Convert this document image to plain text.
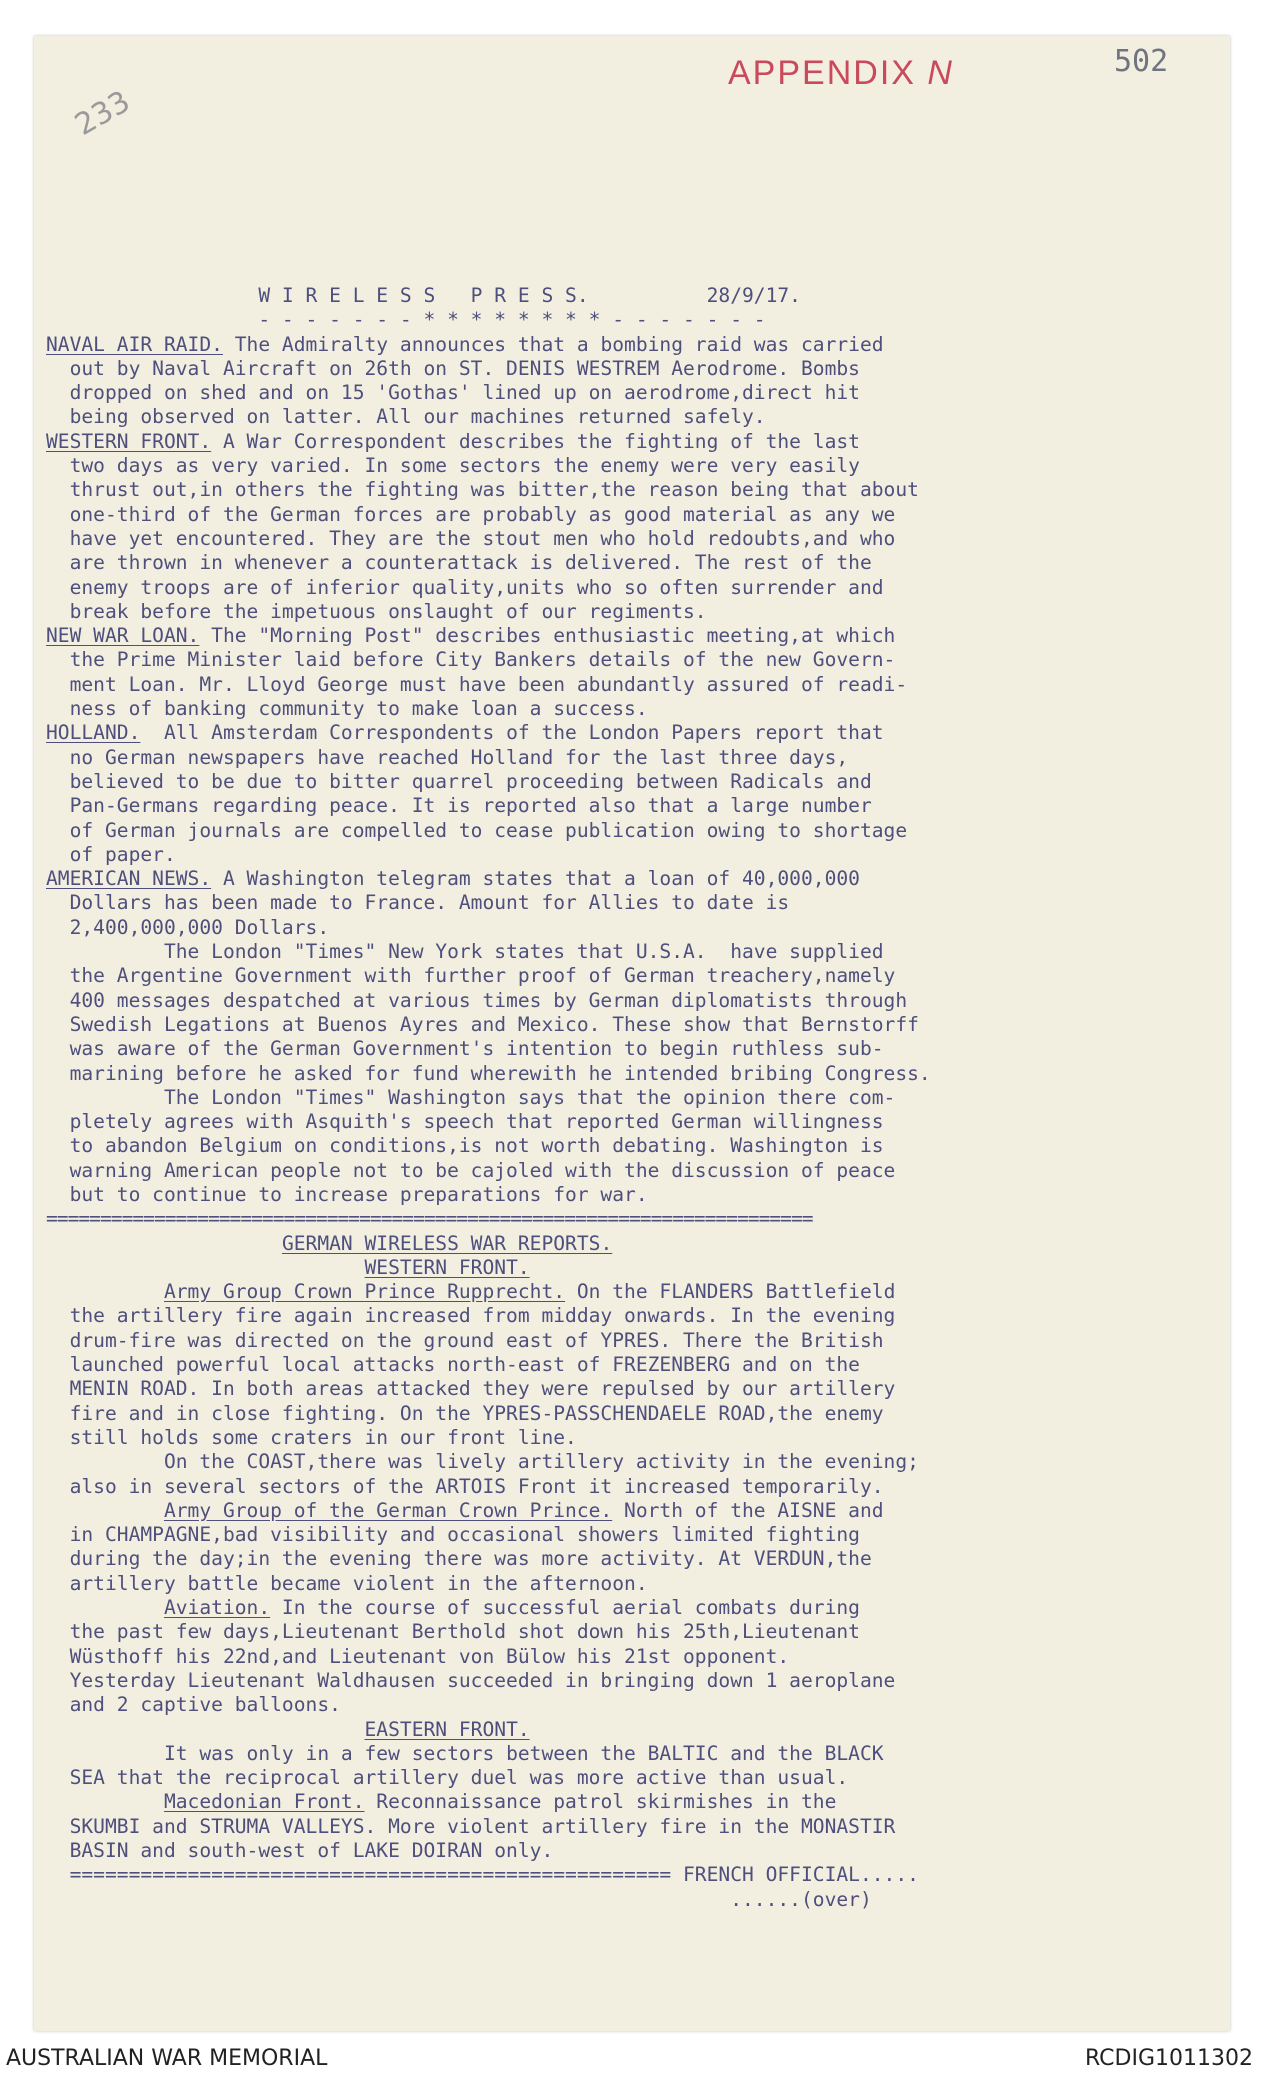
233
APPENDIX N	502
W I R E L E S S   P R E S S.          28/9/17.
- - - - - - - * * * * * * * * - - - - - - -
NAVAL AIR RAID. The Admiralty announces that a bombing raid was carried
out by Naval Aircraft on 26th on ST. DENIS WESTREM Aerodrome. Bombs
dropped on shed and on 15 'Gothas' lined up on aerodrome,direct hit
being observed on latter. All our machines returned safely.
WESTERN FRONT. A War Correspondent describes the fighting of the last
two days as very varied. In some sectors the enemy were very easily
thrust out,in others the fighting was bitter,the reason being that about
one-third of the German forces are probably as good material as any we
have yet encountered. They are the stout men who hold redoubts,and who
are thrown in whenever a counterattack is delivered. The rest of the
enemy troops are of inferior quality,units who so often surrender and
break before the impetuous onslaught of our regiments.
NEW WAR LOAN. The "Morning Post" describes enthusiastic meeting,at which
the Prime Minister laid before City Bankers details of the new Govern-
ment Loan. Mr. Lloyd George must have been abundantly assured of readi-
ness of banking community to make loan a success.
HOLLAND.  All Amsterdam Correspondents of the London Papers report that
no German newspapers have reached Holland for the last three days,
believed to be due to bitter quarrel proceeding between Radicals and
Pan-Germans regarding peace. It is reported also that a large number
of German journals are compelled to cease publication owing to shortage
of paper.
AMERICAN NEWS. A Washington telegram states that a loan of 40,000,000
Dollars has been made to France. Amount for Allies to date is
2,400,000,000 Dollars.
The London "Times" New York states that U.S.A.  have supplied
the Argentine Government with further proof of German treachery,namely
400 messages despatched at various times by German diplomatists through
Swedish Legations at Buenos Ayres and Mexico. These show that Bernstorff
was aware of the German Government's intention to begin ruthless sub-
marining before he asked for fund wherewith he intended bribing Congress.
The London "Times" Washington says that the opinion there com-
pletely agrees with Asquith's speech that reported German willingness
to abandon Belgium on conditions,is not worth debating. Washington is
warning American people not to be cajoled with the discussion of peace
but to continue to increase preparations for war.
=======================================================================
GERMAN WIRELESS WAR REPORTS.
WESTERN FRONT.
Army Group Crown Prince Rupprecht. On the FLANDERS Battlefield
the artillery fire again increased from midday onwards. In the evening
drum-fire was directed on the ground east of YPRES. There the British
launched powerful local attacks north-east of FREZENBERG and on the
MENIN ROAD. In both areas attacked they were repulsed by our artillery
fire and in close fighting. On the YPRES-PASSCHENDAELE ROAD,the enemy
still holds some craters in our front line.
On the COAST,there was lively artillery activity in the evening;
also in several sectors of the ARTOIS Front it increased temporarily.
Army Group of the German Crown Prince. North of the AISNE and
in CHAMPAGNE,bad visibility and occasional showers limited fighting
during the day;in the evening there was more activity. At VERDUN,the
artillery battle became violent in the afternoon.
Aviation. In the course of successful aerial combats during
the past few days,Lieutenant Berthold shot down his 25th,Lieutenant
Wüsthoff his 22nd,and Lieutenant von Bülow his 21st opponent.
Yesterday Lieutenant Waldhausen succeeded in bringing down 1 aeroplane
and 2 captive balloons.
EASTERN FRONT.
It was only in a few sectors between the BALTIC and the BLACK
SEA that the reciprocal artillery duel was more active than usual.
Macedonian Front. Reconnaissance patrol skirmishes in the
SKUMBI and STRUMA VALLEYS. More violent artillery fire in the MONASTIR
BASIN and south-west of LAKE DOIRAN only.
=================================================== FRENCH OFFICIAL.....
......(over)
AUSTRALIAN WAR MEMORIAL	RCDIG1011302
